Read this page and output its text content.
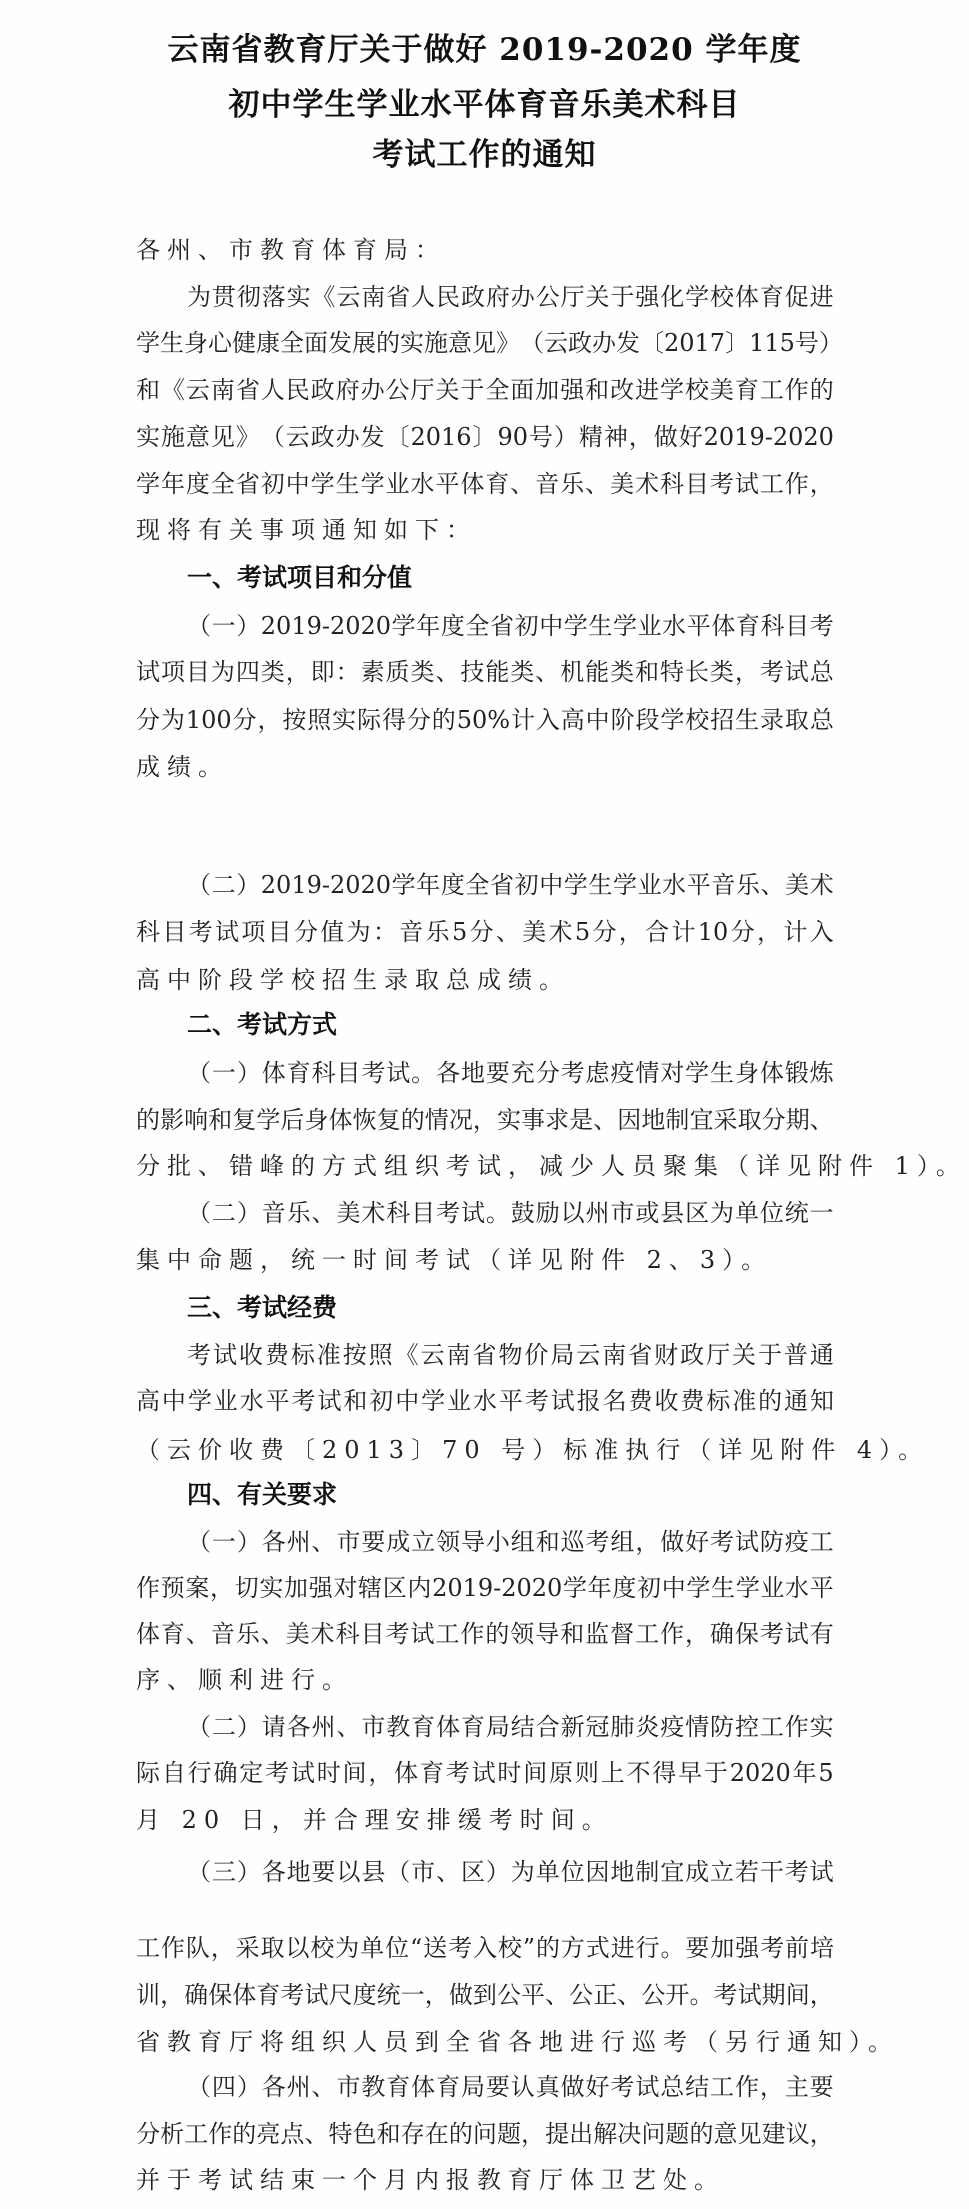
云南省教育厅关于做好 2019-2020 学年度
初中学生学业水平体育音乐美术科目
考试工作的通知
各州、市教育体育局：
为 贯 彻 落 实 《 云 南 省 人 民 政 府 办 公 厅 关 于 强 化 学 校 体 育 促 进
学 生 身 心 健 康 全 面 发 展 的 实 施 意 见 》 （ 云 政 办 发 〔 2017 〕 115 号 ）
和 《 云 南 省 人 民 政 府 办 公 厅 关 于 全 面 加 强 和 改 进 学 校 美 育 工 作 的
实 施 意 见 》 （ 云 政 办 发 〔 2016 〕 90 号 ） 精 神 ， 做 好 2019-2020
学 年 度 全 省 初 中 学 生 学 业 水 平 体 育 、 音 乐 、 美 术 科 目 考 试 工 作 ，
现将有关事项通知如下：
一、考试项目和分值
（ 一 ） 2019-2020 学 年 度 全 省 初 中 学 生 学 业 水 平 体 育 科 目 考
试 项 目 为 四 类 ， 即 ： 素 质 类 、 技 能 类 、 机 能 类 和 特 长 类 ， 考 试 总
分 为 100 分 ， 按 照 实 际 得 分 的 50% 计 入 高 中 阶 段 学 校 招 生 录 取 总
成绩。
（ 二 ） 2019-2020 学 年 度 全 省 初 中 学 生 学 业 水 平 音 乐 、 美 术
科 目 考 试 项 目 分 值 为 ： 音 乐 5 分 、 美 术 5 分 ， 合 计 10 分 ， 计 入
高中阶段学校招生录取总成绩。
二、考试方式
（ 一 ） 体 育 科 目 考 试 。 各 地 要 充 分 考 虑 疫 情 对 学 生 身 体 锻 炼
的 影 响 和 复 学 后 身 体 恢 复 的 情 况 ， 实 事 求 是 、 因 地 制 宜 采 取 分 期 、
分批、错峰的方式组织考试，减少人员聚集（详见附件 1）。
（ 二 ） 音 乐 、 美 术 科 目 考 试 。 鼓 励 以 州 市 或 县 区 为 单 位 统 一
集中命题，统一时间考试（详见附件 2、3）。
三、考试经费
考 试 收 费 标 准 按 照 《 云 南 省 物 价 局 云 南 省 财 政 厅 关 于 普 通
高 中 学 业 水 平 考 试 和 初 中 学 业 水 平 考 试 报 名 费 收 费 标 准 的 通 知
（云价收费〔2013〕70 号）标准执行（详见附件 4）。
四、有关要求
（ 一 ） 各 州 、 市 要 成 立 领 导 小 组 和 巡 考 组 ， 做 好 考 试 防 疫 工
作 预 案 ， 切 实 加 强 对 辖 区 内 2019-2020 学 年 度 初 中 学 生 学 业 水 平
体 育 、 音 乐 、 美 术 科 目 考 试 工 作 的 领 导 和 监 督 工 作 ， 确 保 考 试 有
序、顺利进行。
（ 二 ） 请 各 州 、 市 教 育 体 育 局 结 合 新 冠 肺 炎 疫 情 防 控 工 作 实
际 自 行 确 定 考 试 时 间 ， 体 育 考 试 时 间 原 则 上 不 得 早 于 2020 年 5
月 20 日，并合理安排缓考时间。
（ 三 ） 各 地 要 以 县 （ 市 、 区 ） 为 单 位 因 地 制 宜 成 立 若 干 考 试
工 作 队 ， 采 取 以 校 为 单 位 “ 送 考 入 校 ” 的 方 式 进 行 。 要 加 强 考 前 培
训 ， 确 保 体 育 考 试 尺 度 统 一 ， 做 到 公 平 、 公 正 、 公 开 。 考 试 期 间 ，
省教育厅将组织人员到全省各地进行巡考（另行通知）。
（ 四 ） 各 州 、 市 教 育 体 育 局 要 认 真 做 好 考 试 总 结 工 作 ， 主 要
分 析 工 作 的 亮 点 、 特 色 和 存 在 的 问 题 ， 提 出 解 决 问 题 的 意 见 建 议 ，
并于考试结束一个月内报教育厅体卫艺处。
